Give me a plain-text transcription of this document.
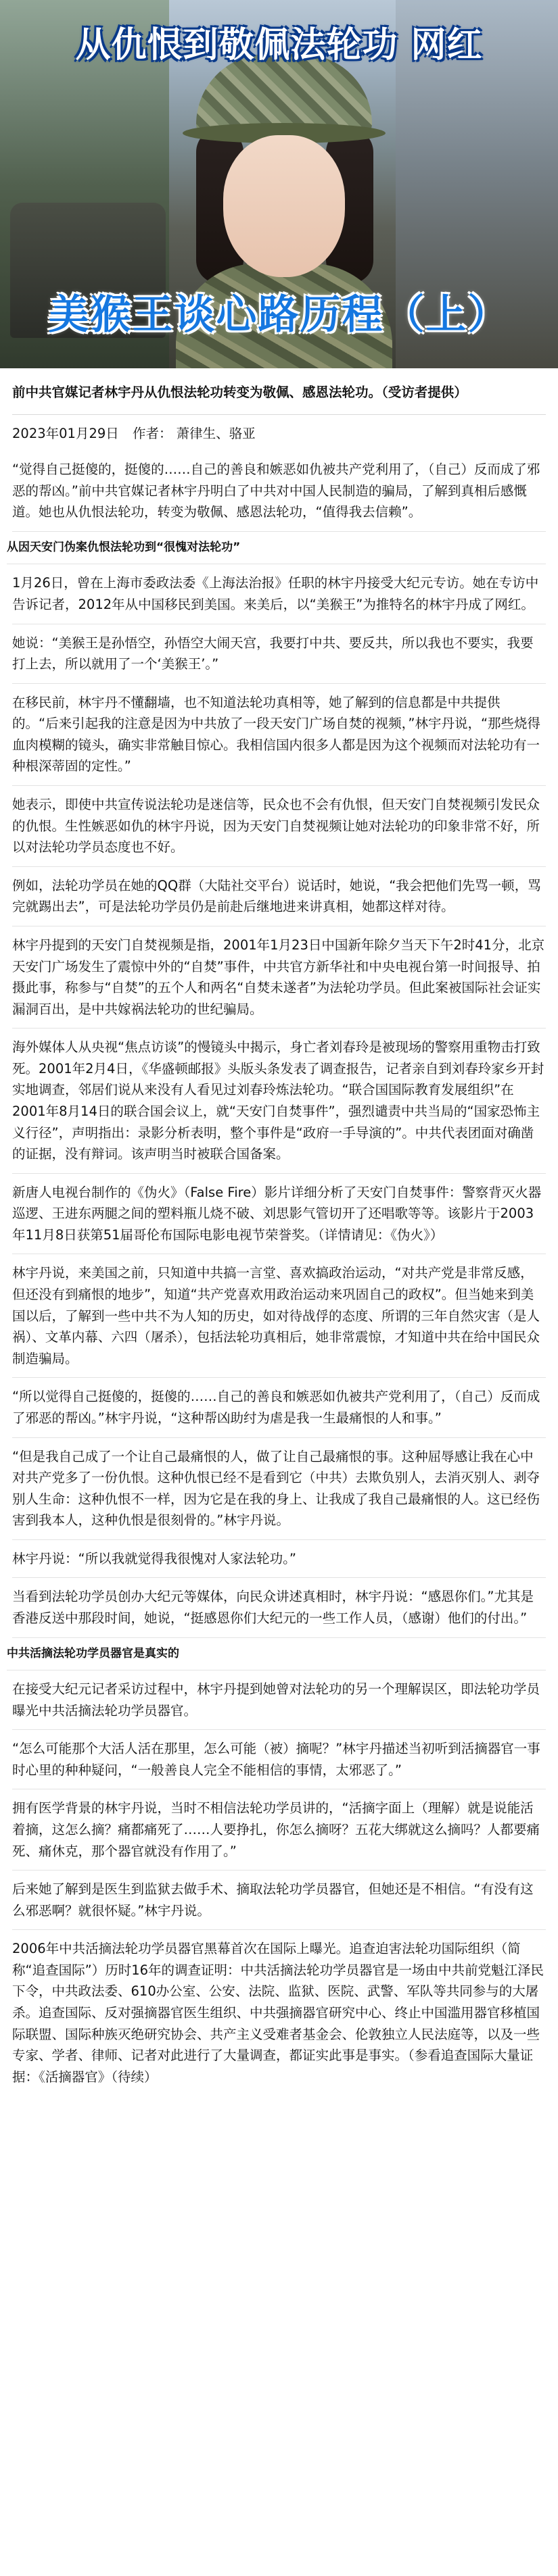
从仇恨到敬佩法轮功 网红
美猴王谈心路历程（上）
前中共官媒记者林宇丹从仇恨法轮功转变为敬佩、感恩法轮功。（受访者提供）
2023年01月29日 作者： 萧律生、骆亚
“觉得自己挺傻的，挺傻的……自己的善良和嫉恶如仇被共产党利用了，（自己）反而成了邪恶的帮凶。”前中共官媒记者林宇丹明白了中共对中国人民制造的骗局，了解到真相后感慨道。她也从仇恨法轮功，转变为敬佩、感恩法轮功，“值得我去信赖”。
从因天安门伪案仇恨法轮功到“很愧对法轮功”
1月26日，曾在上海市委政法委《上海法治报》任职的林宇丹接受大纪元专访。她在专访中告诉记者，2012年从中国移民到美国。来美后，以“美猴王”为推特名的林宇丹成了网红。
她说：“美猴王是孙悟空，孙悟空大闹天宫，我要打中共、要反共，所以我也不要实，我要打上去，所以就用了一个‘美猴王’。”
在移民前，林宇丹不懂翻墙，也不知道法轮功真相等，她了解到的信息都是中共提供的。“后来引起我的注意是因为中共放了一段天安门广场自焚的视频，”林宇丹说，“那些烧得血肉模糊的镜头，确实非常触目惊心。我相信国内很多人都是因为这个视频而对法轮功有一种根深蒂固的定性。”
她表示，即使中共宣传说法轮功是迷信等，民众也不会有仇恨，但天安门自焚视频引发民众的仇恨。生性嫉恶如仇的林宇丹说，因为天安门自焚视频让她对法轮功的印象非常不好，所以对法轮功学员态度也不好。
例如，法轮功学员在她的QQ群（大陆社交平台）说话时，她说，“我会把他们先骂一顿，骂完就踢出去”，可是法轮功学员仍是前赴后继地进来讲真相，她都这样对待。
林宇丹提到的天安门自焚视频是指，2001年1月23日中国新年除夕当天下午2时41分，北京天安门广场发生了震惊中外的“自焚”事件，中共官方新华社和中央电视台第一时间报导、拍摄此事，称参与“自焚”的五个人和两名“自焚未遂者”为法轮功学员。但此案被国际社会证实漏洞百出，是中共嫁祸法轮功的世纪骗局。
海外媒体人从央视“焦点访谈”的慢镜头中揭示，身亡者刘春玲是被现场的警察用重物击打致死。2001年2月4日，《华盛顿邮报》头版头条发表了调查报告，记者亲自到刘春玲家乡开封实地调查，邻居们说从来没有人看见过刘春玲炼法轮功。“联合国国际教育发展组织”在2001年8月14日的联合国会议上，就“天安门自焚事件”，强烈谴责中共当局的“国家恐怖主义行径”，声明指出：录影分析表明，整个事件是“政府一手导演的”。中共代表团面对确凿的证据，没有辩词。该声明当时被联合国备案。
新唐人电视台制作的《伪火》（False Fire）影片详细分析了天安门自焚事件：警察背灭火器巡逻、王进东两腿之间的塑料瓶儿烧不破、刘思影气管切开了还唱歌等等。该影片于2003年11月8日获第51届哥伦布国际电影电视节荣誉奖。（详情请见：《伪火》）
林宇丹说，来美国之前，只知道中共搞一言堂、喜欢搞政治运动，“对共产党是非常反感，但还没有到痛恨的地步”，知道“共产党喜欢用政治运动来巩固自己的政权”。但当她来到美国以后，了解到一些中共不为人知的历史，如对待战俘的态度、所谓的三年自然灾害（是人祸）、文革内幕、六四（屠杀），包括法轮功真相后，她非常震惊，才知道中共在给中国民众制造骗局。
“所以觉得自己挺傻的，挺傻的……自己的善良和嫉恶如仇被共产党利用了，（自己）反而成了邪恶的帮凶。”林宇丹说，“这种帮凶助纣为虐是我一生最痛恨的人和事。”
“但是我自己成了一个让自己最痛恨的人，做了让自己最痛恨的事。这种屈辱感让我在心中对共产党多了一份仇恨。这种仇恨已经不是看到它（中共）去欺负别人，去消灭别人、剥夺别人生命：这种仇恨不一样，因为它是在我的身上、让我成了我自己最痛恨的人。这已经伤害到我本人，这种仇恨是很刻骨的。”林宇丹说。
林宇丹说：“所以我就觉得我很愧对人家法轮功。”
当看到法轮功学员创办大纪元等媒体，向民众讲述真相时，林宇丹说：“感恩你们。”尤其是香港反送中那段时间，她说，“挺感恩你们大纪元的一些工作人员，（感谢）他们的付出。”
中共活摘法轮功学员器官是真实的
在接受大纪元记者采访过程中，林宇丹提到她曾对法轮功的另一个理解误区，即法轮功学员曝光中共活摘法轮功学员器官。
“怎么可能那个大活人活在那里，怎么可能（被）摘呢？”林宇丹描述当初听到活摘器官一事时心里的种种疑问，“一般善良人完全不能相信的事情，太邪恶了。”
拥有医学背景的林宇丹说，当时不相信法轮功学员讲的，“活摘字面上（理解）就是说能活着摘，这怎么摘？痛都痛死了……人要挣扎，你怎么摘呀？五花大绑就这么摘吗？人都要痛死、痛休克，那个器官就没有作用了。”
后来她了解到是医生到监狱去做手术、摘取法轮功学员器官，但她还是不相信。“有没有这么邪恶啊？就很怀疑。”林宇丹说。
2006年中共活摘法轮功学员器官黑幕首次在国际上曝光。追查迫害法轮功国际组织（简称“追查国际”）历时16年的调查证明：中共活摘法轮功学员器官是一场由中共前党魁江泽民下令，中共政法委、610办公室、公安、法院、监狱、医院、武警、军队等共同参与的大屠杀。追查国际、反对强摘器官医生组织、中共强摘器官研究中心、终止中国滥用器官移植国际联盟、国际种族灭绝研究协会、共产主义受难者基金会、伦敦独立人民法庭等，以及一些专家、学者、律师、记者对此进行了大量调查，都证实此事是事实。（参看追查国际大量证据：《活摘器官》（待续）
